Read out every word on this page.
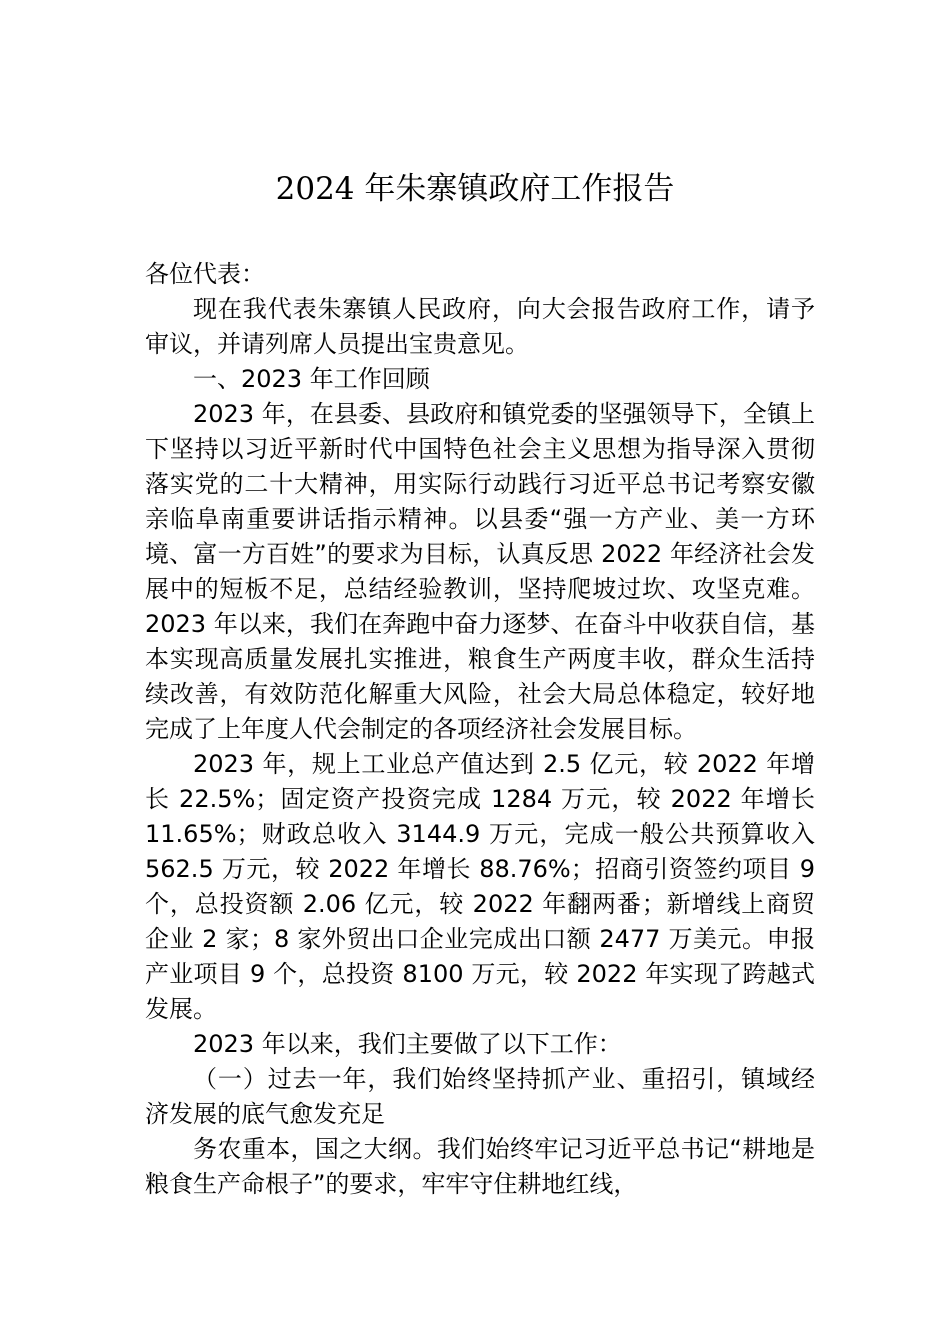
2024 年朱寨镇政府工作报告

各位代表：

现在我代表朱寨镇人民政府，向大会报告政府工作，请予审议，并请列席人员提出宝贵意见。

一、2023 年工作回顾

2023 年，在县委、县政府和镇党委的坚强领导下，全镇上下坚持以习近平新时代中国特色社会主义思想为指导深入贯彻落实党的二十大精神，用实际行动践行习近平总书记考察安徽亲临阜南重要讲话指示精神。以县委“强一方产业、美一方环境、富一方百姓”的要求为目标，认真反思 2022 年经济社会发展中的短板不足，总结经验教训，坚持爬坡过坎、攻坚克难。2023 年以来，我们在奔跑中奋力逐梦、在奋斗中收获自信，基本实现高质量发展扎实推进，粮食生产两度丰收，群众生活持续改善，有效防范化解重大风险，社会大局总体稳定，较好地完成了上年度人代会制定的各项经济社会发展目标。

2023 年，规上工业总产值达到 2.5 亿元，较 2022 年增长 22.5%；固定资产投资完成 1284 万元，较 2022 年增长 11.65%；财政总收入 3144.9 万元，完成一般公共预算收入 562.5 万元，较 2022 年增长 88.76%；招商引资签约项目 9 个，总投资额 2.06 亿元，较 2022 年翻两番；新增线上商贸企业 2 家；8 家外贸出口企业完成出口额 2477 万美元。申报产业项目 9 个，总投资 8100 万元，较 2022 年实现了跨越式发展。

2023 年以来，我们主要做了以下工作：

（一）过去一年，我们始终坚持抓产业、重招引，镇域经济发展的底气愈发充足

务农重本，国之大纲。我们始终牢记习近平总书记“耕地是粮食生产命根子”的要求，牢牢守住耕地红线，
